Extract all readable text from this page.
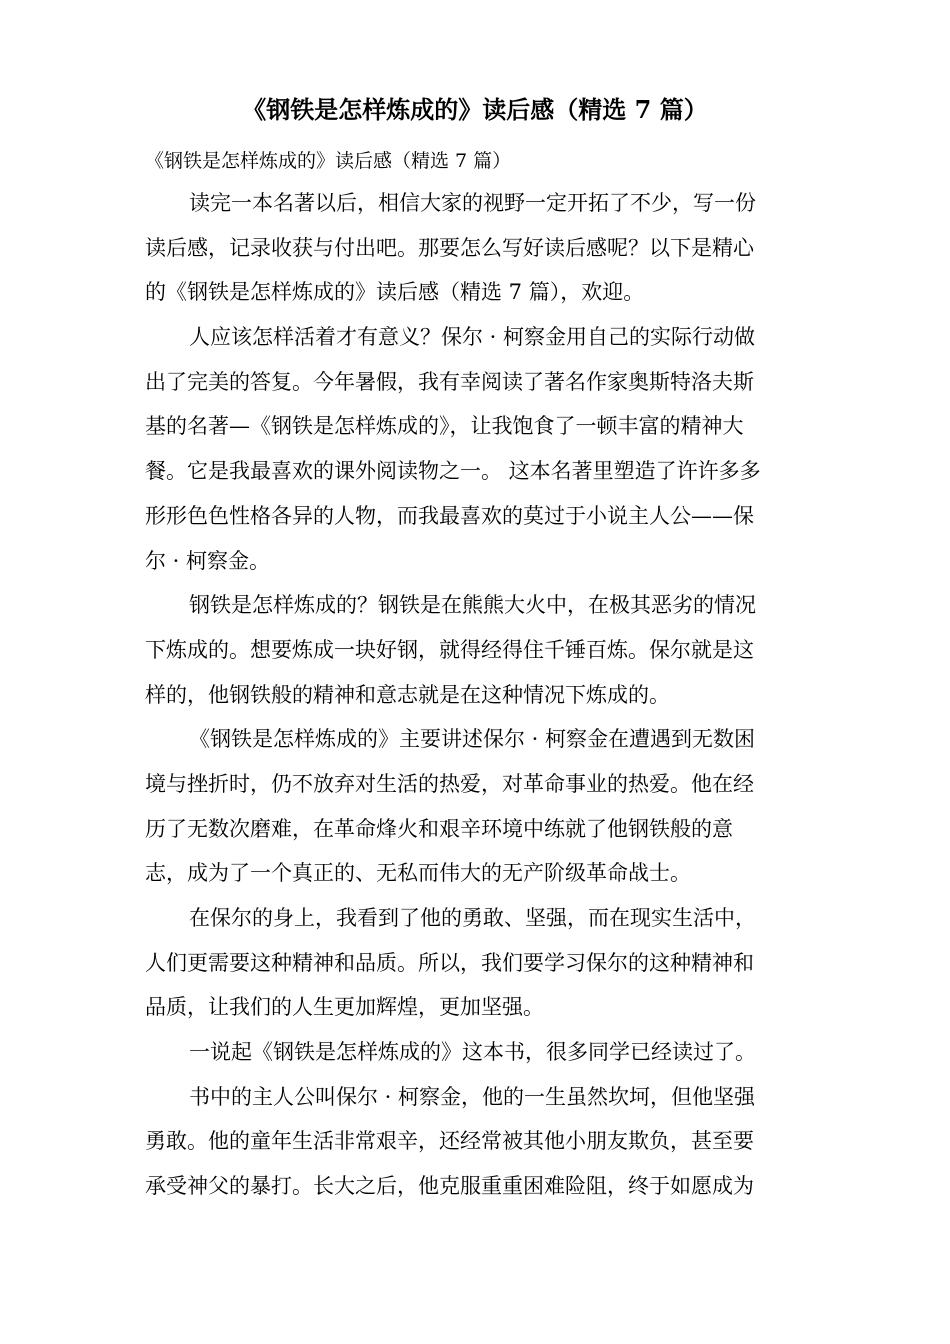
《钢铁是怎样炼成的》读后感（精选 7 篇）

《钢铁是怎样炼成的》读后感（精选 7 篇）

读完一本名著以后，相信大家的视野一定开拓了不少，写一份
读后感，记录收获与付出吧。那要怎么写好读后感呢？以下是精心
的《钢铁是怎样炼成的》读后感（精选 7 篇），欢迎。

人应该怎样活着才有意义？保尔 · 柯察金用自己的实际行动做
出了完美的答复。今年暑假，我有幸阅读了著名作家奥斯特洛夫斯
基的名著—《钢铁是怎样炼成的》，让我饱食了一顿丰富的精神大
餐。它是我最喜欢的课外阅读物之一。 这本名著里塑造了许许多多
形形色色性格各异的人物，而我最喜欢的莫过于小说主人公——保
尔 · 柯察金。

钢铁是怎样炼成的？钢铁是在熊熊大火中，在极其恶劣的情况
下炼成的。想要炼成一块好钢，就得经得住千锤百炼。保尔就是这
样的，他钢铁般的精神和意志就是在这种情况下炼成的。

《钢铁是怎样炼成的》主要讲述保尔 · 柯察金在遭遇到无数困
境与挫折时，仍不放弃对生活的热爱，对革命事业的热爱。他在经
历了无数次磨难，在革命烽火和艰辛环境中练就了他钢铁般的意
志，成为了一个真正的、无私而伟大的无产阶级革命战士。

在保尔的身上，我看到了他的勇敢、坚强，而在现实生活中，
人们更需要这种精神和品质。所以，我们要学习保尔的这种精神和
品质，让我们的人生更加辉煌，更加坚强。

一说起《钢铁是怎样炼成的》这本书，很多同学已经读过了。

书中的主人公叫保尔 · 柯察金，他的一生虽然坎坷，但他坚强
勇敢。他的童年生活非常艰辛，还经常被其他小朋友欺负，甚至要
承受神父的暴打。长大之后，他克服重重困难险阻，终于如愿成为
